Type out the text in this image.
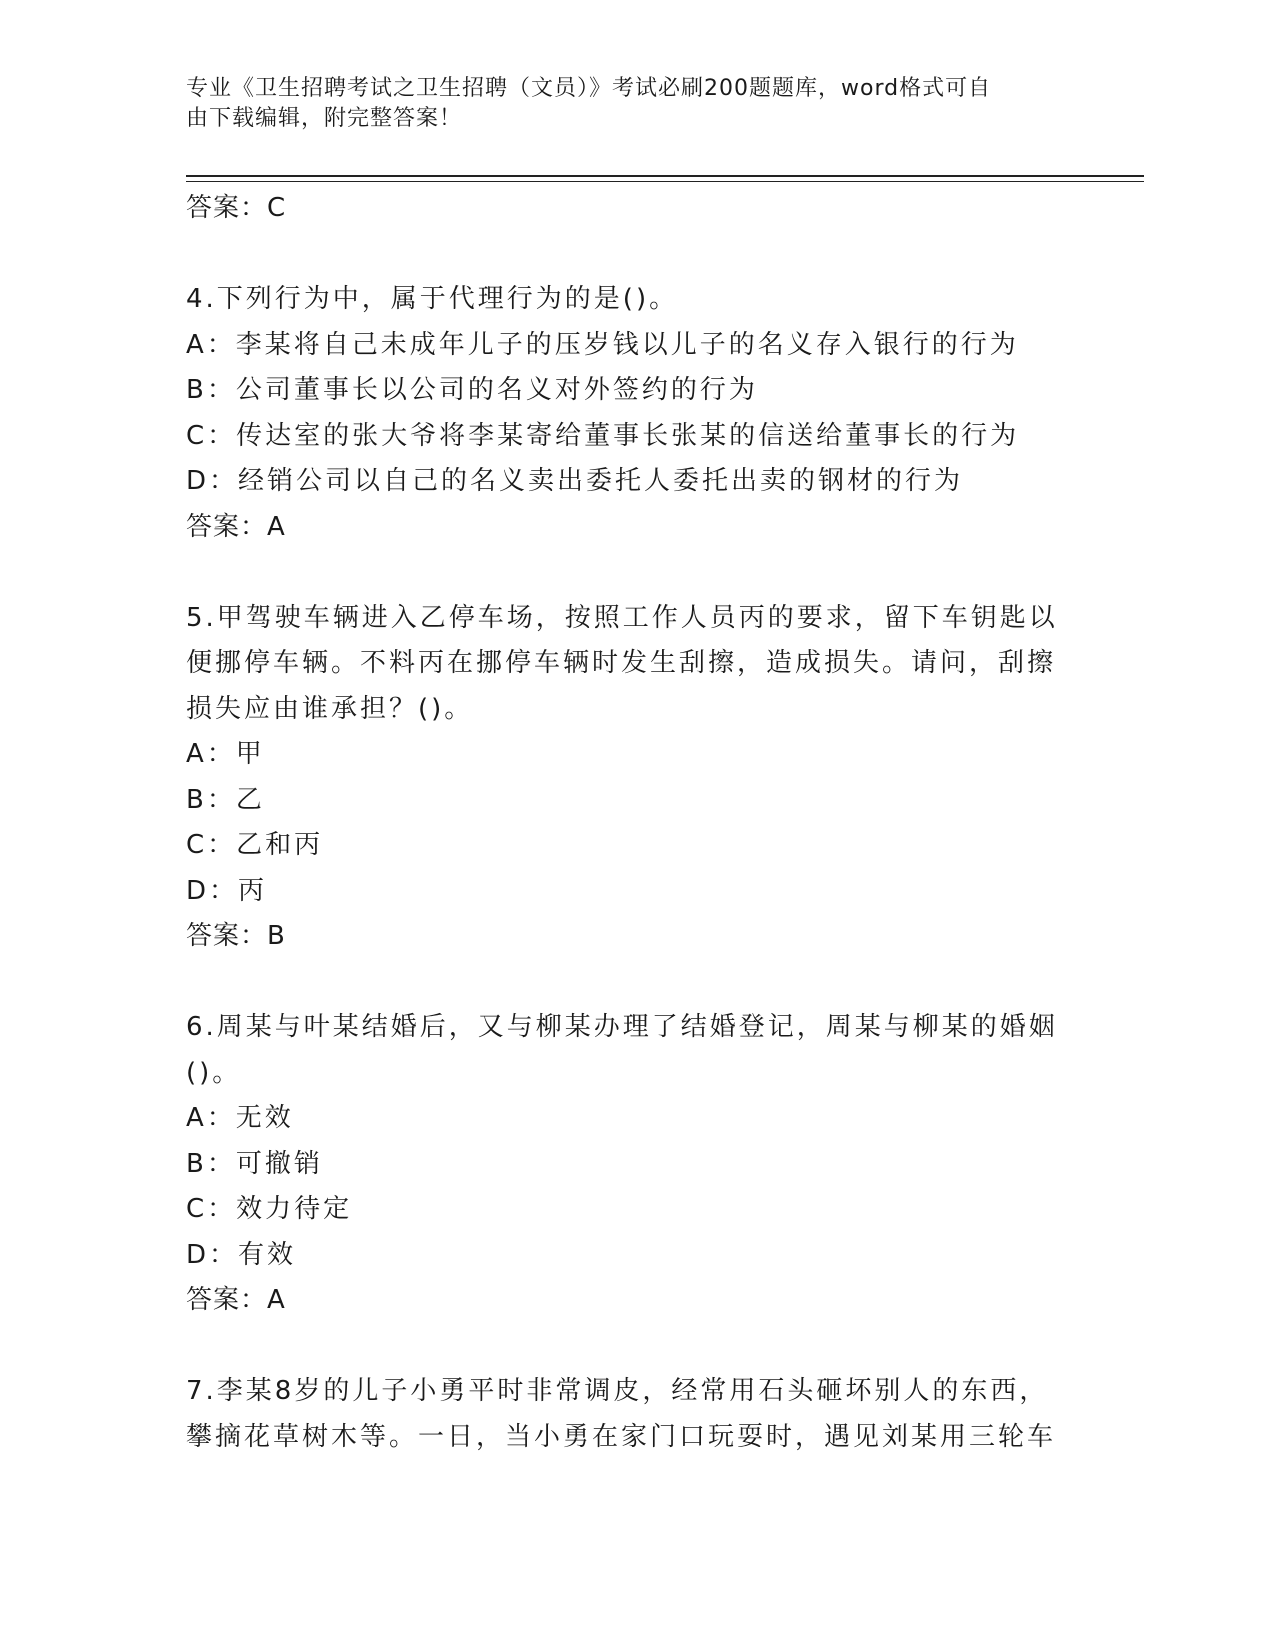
专业《卫生招聘考试之卫生招聘（文员）》考试必刷200题题库，word格式可自
由下载编辑，附完整答案！
答案：C
4.下列行为中，属于代理行为的是()。
A：李某将自己未成年儿子的压岁钱以儿子的名义存入银行的行为
B：公司董事长以公司的名义对外签约的行为
C：传达室的张大爷将李某寄给董事长张某的信送给董事长的行为
D：经销公司以自己的名义卖出委托人委托出卖的钢材的行为
答案：A
5.甲驾驶车辆进入乙停车场，按照工作人员丙的要求，留下车钥匙以
便挪停车辆。不料丙在挪停车辆时发生刮擦，造成损失。请问，刮擦
损失应由谁承担？()。
A：甲
B：乙
C：乙和丙
D：丙
答案：B
6.周某与叶某结婚后，又与柳某办理了结婚登记，周某与柳某的婚姻
()。
A：无效
B：可撤销
C：效力待定
D：有效
答案：A
7.李某8岁的儿子小勇平时非常调皮，经常用石头砸坏别人的东西，
攀摘花草树木等。一日，当小勇在家门口玩耍时，遇见刘某用三轮车
